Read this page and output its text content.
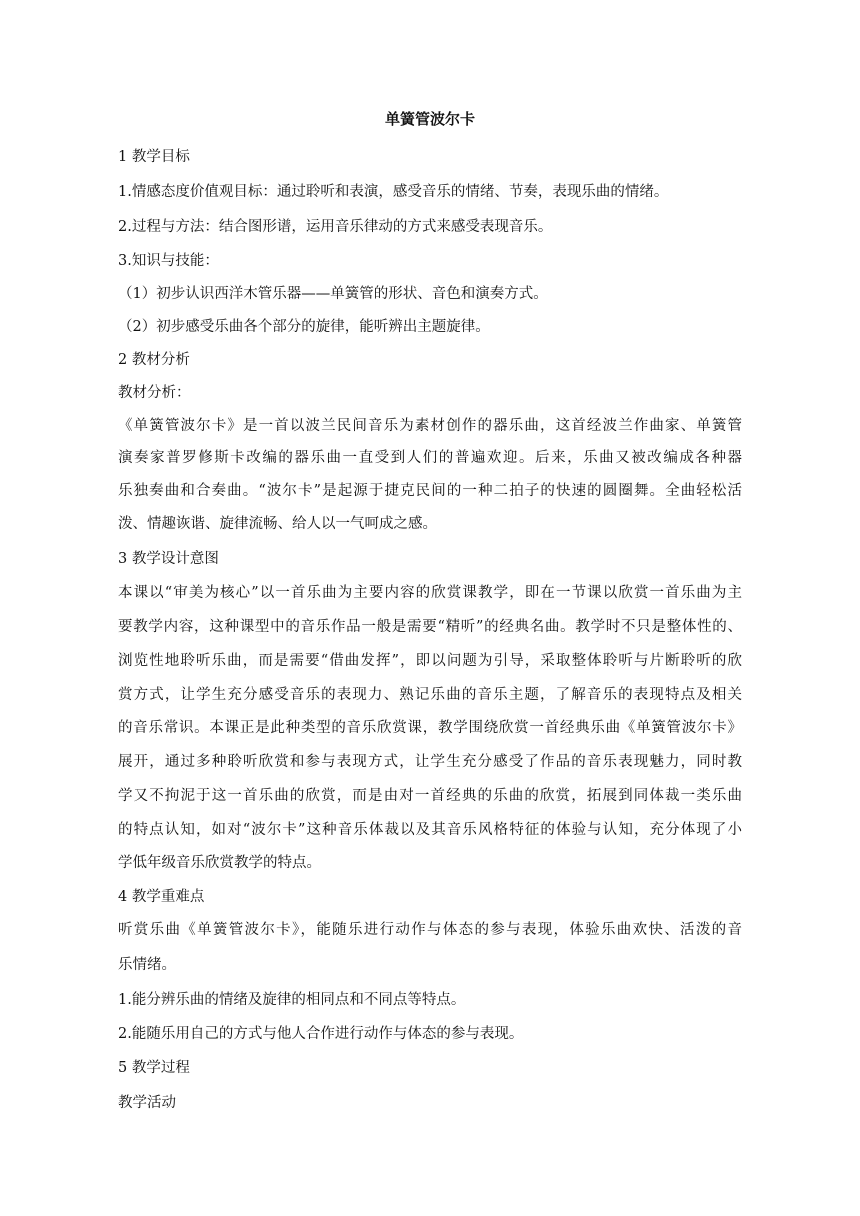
单簧管波尔卡
1 教学目标
1.情感态度价值观目标：通过聆听和表演，感受音乐的情绪、节奏，表现乐曲的情绪。
2.过程与方法：结合图形谱，运用音乐律动的方式来感受表现音乐。
3.知识与技能：
（1）初步认识西洋木管乐器——单簧管的形状、音色和演奏方式。
（2）初步感受乐曲各个部分的旋律，能听辨出主题旋律。
2 教材分析
教材分析：
《单簧管波尔卡》是一首以波兰民间音乐为素材创作的器乐曲，这首经波兰作曲家、单簧管
演奏家普罗修斯卡改编的器乐曲一直受到人们的普遍欢迎。后来，乐曲又被改编成各种器
乐独奏曲和合奏曲。“波尔卡”是起源于捷克民间的一种二拍子的快速的圆圈舞。全曲轻松活
泼、情趣诙谐、旋律流畅、给人以一气呵成之感。
3 教学设计意图
本课以“审美为核心”以一首乐曲为主要内容的欣赏课教学，即在一节课以欣赏一首乐曲为主
要教学内容，这种课型中的音乐作品一般是需要“精听”的经典名曲。教学时不只是整体性的、
浏览性地聆听乐曲，而是需要“借曲发挥”，即以问题为引导，采取整体聆听与片断聆听的欣
赏方式，让学生充分感受音乐的表现力、熟记乐曲的音乐主题，了解音乐的表现特点及相关
的音乐常识。本课正是此种类型的音乐欣赏课，教学围绕欣赏一首经典乐曲《单簧管波尔卡》
展开，通过多种聆听欣赏和参与表现方式，让学生充分感受了作品的音乐表现魅力，同时教
学又不拘泥于这一首乐曲的欣赏，而是由对一首经典的乐曲的欣赏，拓展到同体裁一类乐曲
的特点认知，如对“波尔卡”这种音乐体裁以及其音乐风格特征的体验与认知，充分体现了小
学低年级音乐欣赏教学的特点。
4 教学重难点
听赏乐曲《单簧管波尔卡》，能随乐进行动作与体态的参与表现，体验乐曲欢快、活泼的音
乐情绪。
1.能分辨乐曲的情绪及旋律的相同点和不同点等特点。
2.能随乐用自己的方式与他人合作进行动作与体态的参与表现。
5 教学过程
教学活动
